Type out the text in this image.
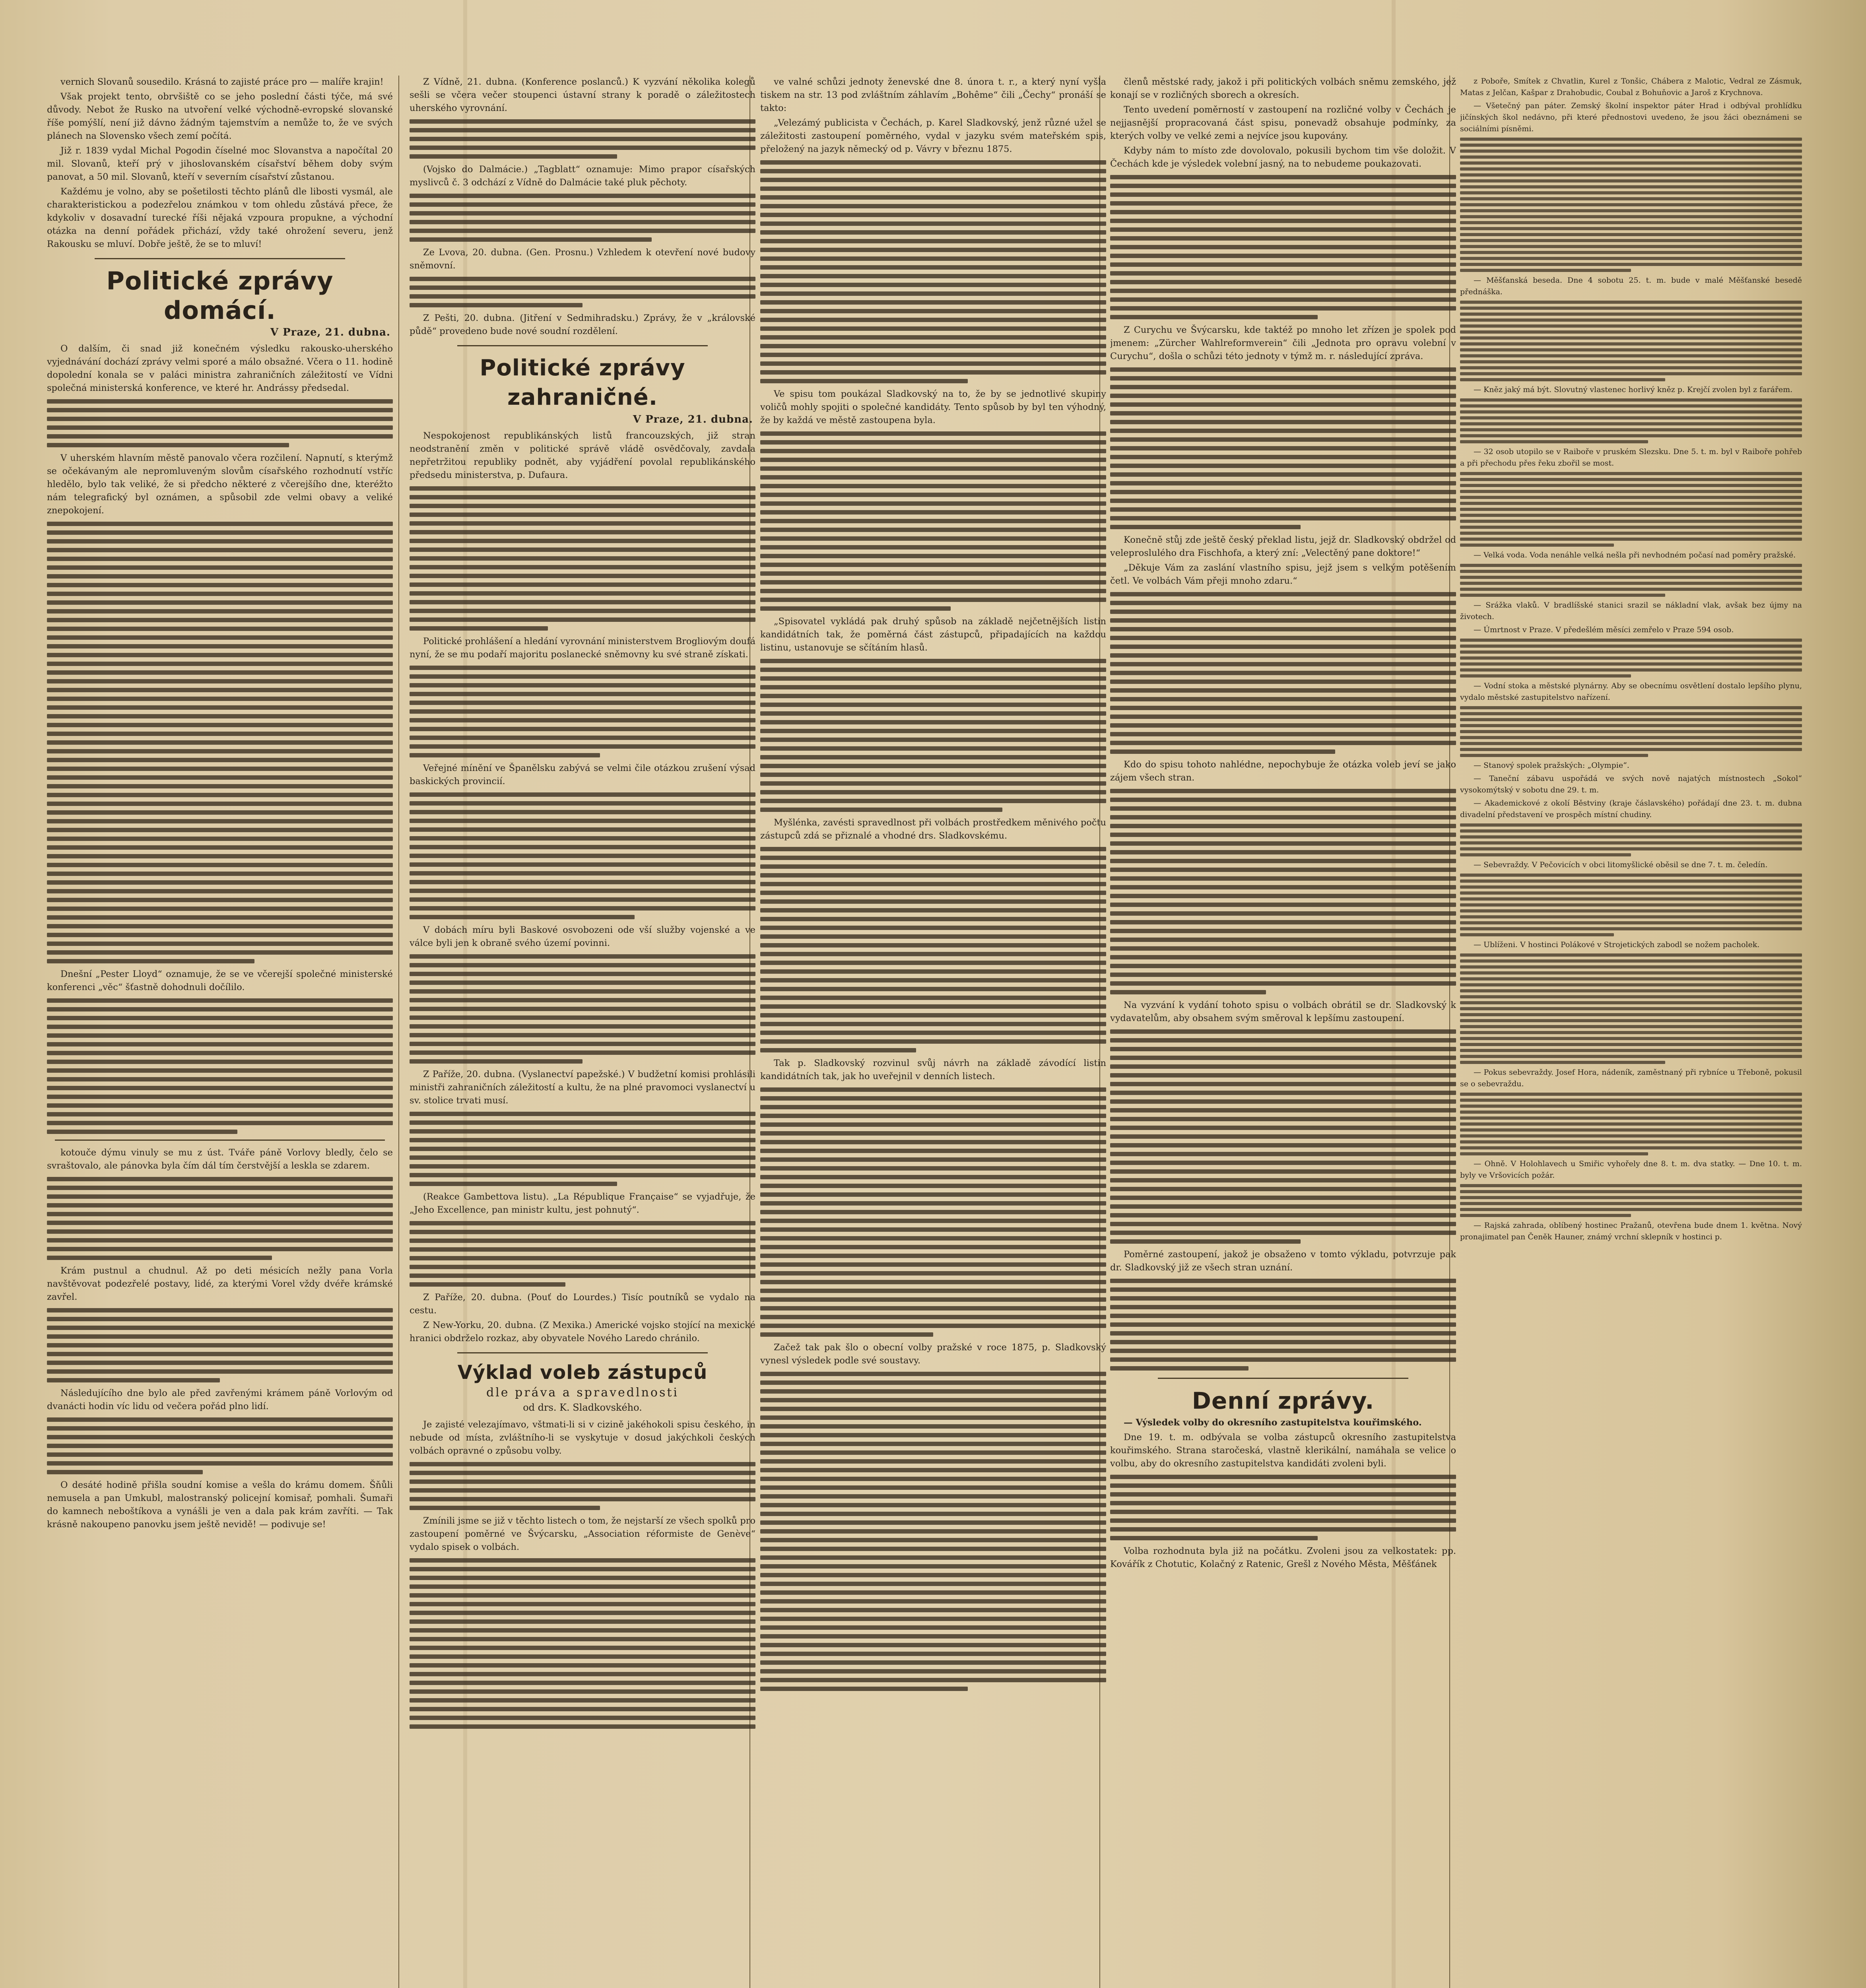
vernich Slovanů sousedilo. Krásná to zajisté práce pro — malíře krajin!

Však projekt tento, obrvšiště co se jeho poslední části týče, má své důvody. Nebot že Rusko na utvoření velké východně-evropské slovanské říše pomýšlí, není již dávno žádným tajemstvím a nemůže to, že ve svých plánech na Slovensko všech zemí počítá.

Již r. 1839 vydal Michal Pogodin číselné moc Slovanstva a napočítal 20 mil. Slovanů, kteří prý v jihoslovanském císařství během doby svým panovat, a 50 mil. Slovanů, kteří v severním císařství zůstanou.

Každému je volno, aby se pošetilosti těchto plánů dle libosti vysmál, ale charakteristickou a podezřelou známkou v tom ohledu zůstává přece, že kdykoliv v dosavadní turecké říši nějaká vzpoura propukne, a východní otázka na denní pořádek přichází, vždy také ohrožení severu, jenž Rakousku se mluví. Dobře ještě, že se to mluví!

Politické zprávy domácí.
V Praze, 21. dubna.

O dalším, či snad již konečném výsledku rakousko-uherského vyjednávání dochází zprávy velmi sporé a málo obsažné. Včera o 11. hodině dopolední konala se v paláci ministra zahraničních záležitostí ve Vídni společná ministerská konference, ve které hr. Andrássy předsedal.

V uherském hlavním městě panovalo včera rozčilení. Napnutí, s kterýmž se očekávaným ale nepromluveným slovům císařského rozhodnutí vstříc hledělo, bylo tak veliké, že si předcho některé z včerejšího dne, kteréžto nám telegrafický byl oznámen, a spůsobil zde velmi obavy a veliké znepokojení.

Dnešní „Pester Lloyd“ oznamuje, že se ve včerejší společné ministerské konferenci „věc“ šťastně dohodnuli dočílilo.

kotouče dýmu vinuly se mu z úst. Tváře páně Vorlovy bledly, čelo se svraštovalo, ale pánovka byla čím dál tím čerstvější a leskla se zdarem.

Krám pustnul a chudnul. Až po deti mésicích nežly pana Vorla navštěvovat podezřelé postavy, lidé, za kterými Vorel vždy dvéře krámské zavřel.

Následujícího dne bylo ale před zavřenými krámem páně Vorlovým od dvanácti hodin víc lidu od večera pořád plno lidí.

O desáté hodině přišla soudní komise a vešla do krámu domem. Šňůli nemusela a pan Umkubl, malostranský policejní komisař, pomhali. Šumaři do kamnech neboštíkova a vynášli je ven a dala pak krám zavříti. — Tak krásně nakoupeno panovku jsem ještě nevidě! — podivuje se!

Z Vídně, 21. dubna. (Konference poslanců.) K vyzvání několika kolegů sešli se včera večer stoupenci ústavní strany k poradě o záležitostech uherského vyrovnání.

(Vojsko do Dalmácie.) „Tagblatt“ oznamuje: Mimo prapor císařských myslivců č. 3 odchází z Vídně do Dalmácie také pluk pěchoty.

Ze Lvova, 20. dubna. (Gen. Prosnu.) Vzhledem k otevření nové budovy sněmovní.

Z Pešti, 20. dubna. (Jitření v Sedmihradsku.) Zprávy, že v „královské půdě“ provedeno bude nové soudní rozdělení.

Politické zprávy zahraničné.
V Praze, 21. dubna.

Nespokojenost republikánských listů francouzských, již stran neodstranění změn v politické správě vládě osvědčovaly, zavdala nepřetržitou republiky podnět, aby vyjádření povolal republikánského předsedu ministerstva, p. Dufaura.

Politické prohlášení a hledání vyrovnání ministerstvem Brogliovým doufá nyní, že se mu podaří majoritu poslanecké sněmovny ku své straně získati.

Veřejné mínění ve Španělsku zabývá se velmi čile otázkou zrušení výsad baskických provincií.

V dobách míru byli Baskové osvobozeni ode vší služby vojenské a ve válce byli jen k obraně svého území povinni.

Z Paříže, 20. dubna. (Vyslanectví papežské.) V budžetní komisi prohlásili ministři zahraničních záležitostí a kultu, že na plné pravomoci vyslanectví u sv. stolice trvati musí.

(Reakce Gambettova listu). „La République Française“ se vyjadřuje, že „Jeho Excellence, pan ministr kultu, jest pohnutý“.

Z Paříže, 20. dubna. (Pouť do Lourdes.) Tisíc poutníků se vydalo na cestu.

Z New-Yorku, 20. dubna. (Z Mexika.) Americké vojsko stojící na mexické hranici obdrželo rozkaz, aby obyvatele Nového Laredo chránilo.

Výklad voleb zástupců
dle práva a spravedlnosti
od drs. K. Sladkovského.

Je zajisté velezajímavo, vštmati-li si v cizině jakéhokoli spisu českého, in nebude od místa, zvláštního-li se vyskytuje v dosud jakýchkoli českých volbách opravné o způsobu volby.

Zmínili jsme se již v těchto listech o tom, že nejstarší ze všech spolků pro zastoupení poměrné ve Švýcarsku, „Association réformiste de Genève“ vydalo spisek o volbách.

ve valné schůzi jednoty ženevské dne 8. února t. r., a který nyní vyšla tiskem na str. 13 pod zvláštním záhlavím „Bohême“ čili „Čechy“ pronáší se takto:

„Velezámý publicista v Čechách, p. Karel Sladkovský, jenž různé užel se záležitosti zastoupení poměrného, vydal v jazyku svém mateřském spis, přeložený na jazyk německý od p. Vávry v březnu 1875.

Ve spisu tom poukázal Sladkovský na to, že by se jednotlivé skupiny voličů mohly spojiti o společné kandidáty. Tento spůsob by byl ten výhodný, že by každá ve městě zastoupena byla.

„Spisovatel vykládá pak druhý spůsob na základě nejčetnějších listin kandidátních tak, že poměrná část zástupců, připadajících na každou listinu, ustanovuje se sčítáním hlasů.

Myšlénka, zavésti spravedlnost při volbách prostředkem měnivého počtu zástupců zdá se přiznalé a vhodné drs. Sladkovskému.

Tak p. Sladkovský rozvinul svůj návrh na základě závodící listin kandidátních tak, jak ho uveřejnil v denních listech.

Začež tak pak šlo o obecní volby pražské v roce 1875, p. Sladkovský vynesl výsledek podle své soustavy.

členů městské rady, jakož i při politických volbách sněmu zemského, jež konají se v rozličných sborech a okresích.

Tento uvedení poměrností v zastoupení na rozličné volby v Čechách je nejjasnější propracovaná část spisu, ponevadž obsahuje podmínky, za kterých volby ve velké zemi a nejvíce jsou kupovány.

Kdyby nám to místo zde dovolovalo, pokusili bychom tim vše doložit. V Čechách kde je výsledek volební jasný, na to nebudeme poukazovati.

Z Curychu ve Švýcarsku, kde taktéž po mnoho let zřízen je spolek pod jmenem: „Zürcher Wahlreformverein“ čili „Jednota pro opravu volební v Curychu“, došla o schůzi této jednoty v týmž m. r. následující zpráva.

Konečně stůj zde ještě český překlad listu, jejž dr. Sladkovský obdržel od veleproslulého dra Fischhofa, a který zní: „Velectěný pane doktore!“

„Děkuje Vám za zaslání vlastního spisu, jejž jsem s velkým potěšením četl. Ve volbách Vám přeji mnoho zdaru.“

Kdo do spisu tohoto nahlédne, nepochybuje že otázka voleb jeví se jako zájem všech stran.

Na vyzvání k vydání tohoto spisu o volbách obrátil se dr. Sladkovský k vydavatelům, aby obsahem svým směroval k lepšímu zastoupení.

Poměrné zastoupení, jakož je obsaženo v tomto výkladu, potvrzuje pak dr. Sladkovský již ze všech stran uznání.

Denní zprávy.

— Výsledek volby do okresního zastupitelstva kouřimského.

Dne 19. t. m. odbývala se volba zástupců okresního zastupitelstva kouřimského. Strana staročeská, vlastně klerikální, namáhala se velice o volbu, aby do okresního zastupitelstva kandidáti zvoleni byli.

Volba rozhodnuta byla již na počátku. Zvoleni jsou za velkostatek: pp. Kovářík z Chotutic, Kolačný z Ratenic, Grešl z Nového Města, Měšťánek

z Poboře, Smítek z Chvatlin, Kurel z Tonšic, Chábera z Malotic, Vedral ze Zásmuk, Matas z Jelčan, Kašpar z Drahobudic, Coubal z Bohuňovic a Jaroš z Krychnova.

— Všetečný pan páter. Zemský školní inspektor páter Hrad i odbýval prohlídku jičínských škol nedávno, při které přednostovi uvedeno, že jsou žáci obeznámeni se sociálními písněmi.

— Měšťanská beseda. Dne 4 sobotu 25. t. m. bude v malé Měšťanské besedě přednáška.

— Kněz jaký má být. Slovutný vlastenec horlivý kněz p. Krejčí zvolen byl z farářem.

— 32 osob utopilo se v Raiboře v pruském Slezsku. Dne 5. t. m. byl v Raiboře pohřeb a při přechodu přes řeku zbořil se most.

— Velká voda. Voda nenáhle velká nešla při nevhodném počasí nad poměry pražské.

— Srážka vlaků. V bradlíšské stanici srazil se nákladní vlak, avšak bez újmy na životech.

— Úmrtnost v Praze. V předešlém měsíci zemřelo v Praze 594 osob.

— Vodní stoka a městské plynárny. Aby se obecnímu osvětlení dostalo lepšího plynu, vydalo městské zastupitelstvo nařízení.

— Stanový spolek pražských: „Olympie“.

— Taneční zábavu uspořádá ve svých nově najatých místnostech „Sokol“ vysokomýtský v sobotu dne 29. t. m.

— Akademickové z okolí Běstviny (kraje čáslavského) pořádají dne 23. t. m. dubna divadelní představení ve prospěch místní chudiny.

— Sebevraždy. V Pečovicích v obci litomyšlické oběsil se dne 7. t. m. čeledín.

— Ublíženi. V hostinci Polákové v Strojetických zabodl se nožem pacholek.

— Pokus sebevraždy. Josef Hora, nádeník, zaměstnaný při rybníce u Třeboně, pokusil se o sebevraždu.

— Ohně. V Holohlavech u Smiřic vyhořely dne 8. t. m. dva statky. — Dne 10. t. m. byly ve Vršovicích požár.

— Rajská zahrada, oblíbený hostinec Pražanů, otevřena bude dnem 1. května. Nový pronajimatel pan Čeněk Hauner, známý vrchní sklepník v hostinci p.
